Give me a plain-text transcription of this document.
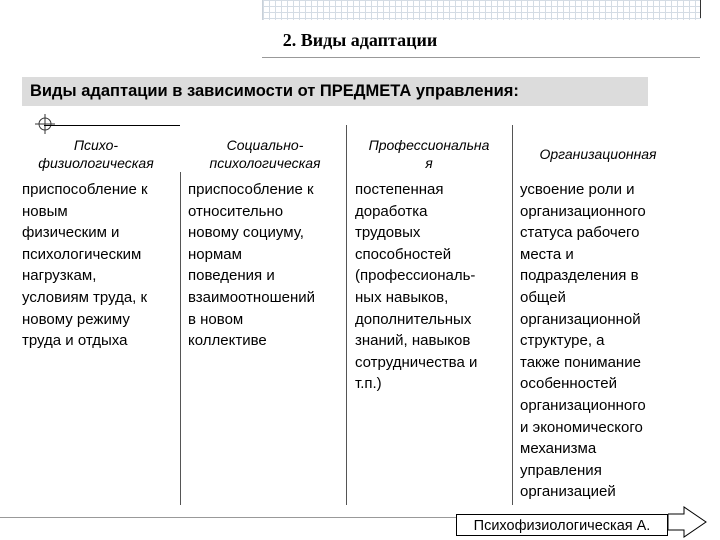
2. Виды адаптации
Виды адаптации в зависимости от ПРЕДМЕТА управления:
Психо-
физиологическая
Социально-
психологическая
Профессиональна
я
Организационная
приспособление к
новым
физическим и
психологическим
нагрузкам,
условиям труда, к
новому режиму
труда и отдыха
приспособление к
относительно
новому социуму,
нормам
поведения и
взаимоотношений
в новом
коллективе
постепенная
доработка
трудовых
способностей
(профессиональ-
ных навыков,
дополнительных
знаний, навыков
сотрудничества и
т.п.)
усвоение роли и
организационного
статуса рабочего
места и
подразделения в
общей
организационной
структуре, а
также понимание
особенностей
организационного
и экономического
механизма
управления
организацией
Психофизиологическая А.
